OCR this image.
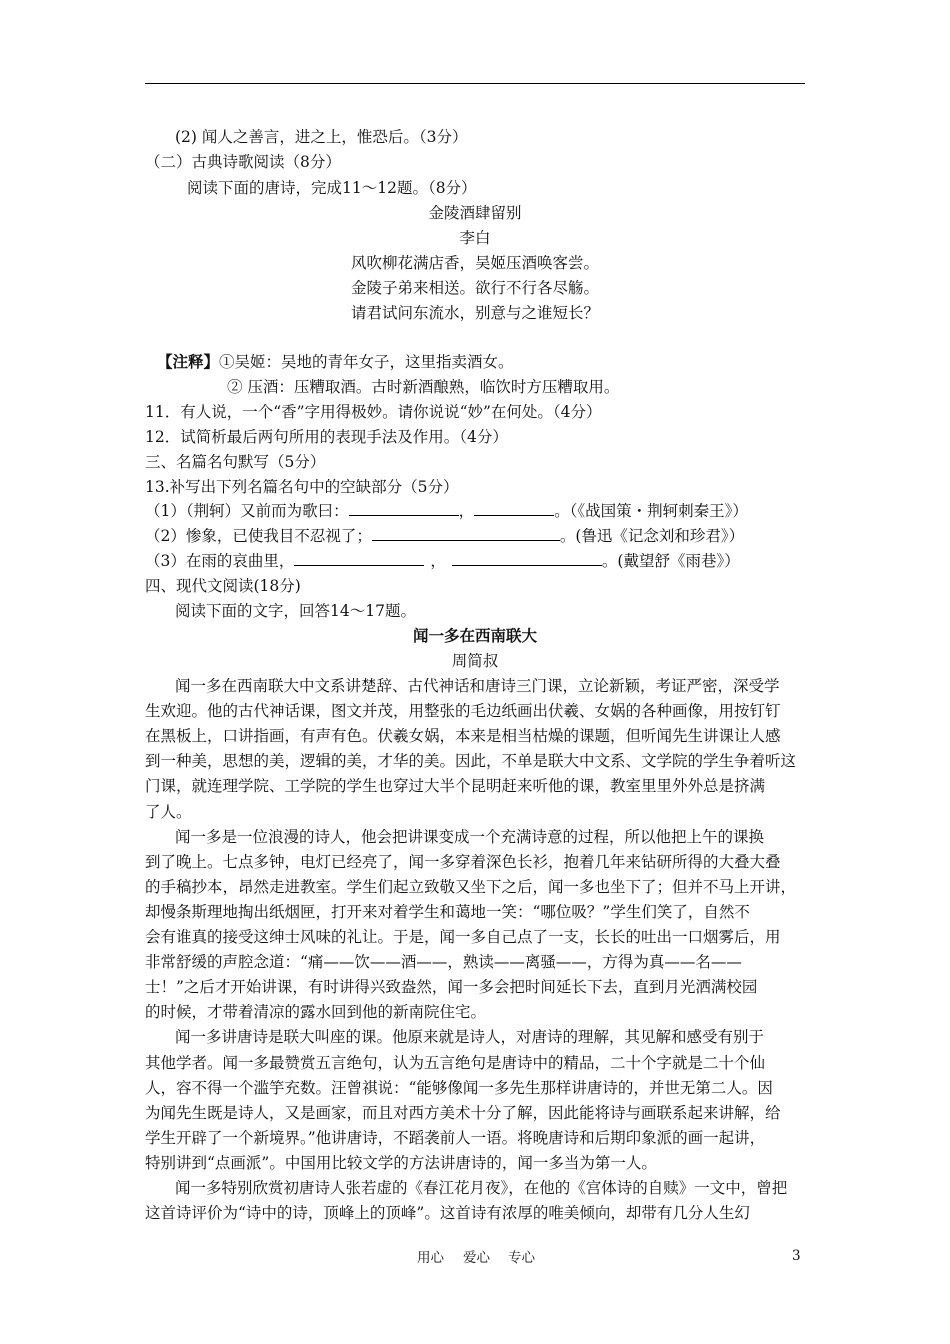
(2) 闻人之善言，进之上，惟恐后。（3分）
（二）古典诗歌阅读（8分）
阅读下面的唐诗，完成11～12题。（8分）
金陵酒肆留别
李白
风吹柳花满店香，吴姬压酒唤客尝。
金陵子弟来相送。欲行不行各尽觞。
请君试问东流水，别意与之谁短长？
【注释】①吴姬：吴地的青年女子，这里指卖酒女。
② 压酒：压糟取酒。古时新酒酿熟，临饮时方压糟取用。
11．有人说，一个“香”字用得极妙。请你说说“妙”在何处。（4分）
12．试简析最后两句所用的表现手法及作用。（4分）
三、名篇名句默写（5分）
13.补写出下列名篇名句中的空缺部分（5分）
（1）（荆轲）又前而为歌曰：	，	。（《战国策・荆轲刺秦王》）
（2）惨象，已使我目不忍视了；	。(鲁迅《记念刘和珍君》）
（3）在雨的哀曲里，	，	。(戴望舒《雨巷》）
四、现代文阅读(18分)
阅读下面的文字，回答14～17题。
闻一多在西南联大
周简叔
闻一多在西南联大中文系讲楚辞、古代神话和唐诗三门课，立论新颖，考证严密，深受学
生欢迎。他的古代神话课，图文并茂，用整张的毛边纸画出伏羲、女娲的各种画像，用按钉钉
在黑板上，口讲指画，有声有色。伏羲女娲，本来是相当枯燥的课题，但听闻先生讲课让人感
到一种美，思想的美，逻辑的美，才华的美。因此，不单是联大中文系、文学院的学生争着听这
门课，就连理学院、工学院的学生也穿过大半个昆明赶来听他的课，教室里里外外总是挤满
了人。
闻一多是一位浪漫的诗人，他会把讲课变成一个充满诗意的过程，所以他把上午的课换
到了晚上。七点多钟，电灯已经亮了，闻一多穿着深色长衫，抱着几年来钻研所得的大叠大叠
的手稿抄本，昂然走进教室。学生们起立致敬又坐下之后，闻一多也坐下了；但并不马上开讲，
却慢条斯理地掏出纸烟匣，打开来对着学生和蔼地一笑：“哪位吸？”学生们笑了，自然不
会有谁真的接受这绅士风味的礼让。于是，闻一多自己点了一支，长长的吐出一口烟雾后，用
非常舒缓的声腔念道：“痛——饮——酒——，熟读——离骚——，方得为真——名——
士！”之后才开始讲课，有时讲得兴致盎然，闻一多会把时间延长下去，直到月光洒满校园
的时候，才带着清凉的露水回到他的新南院住宅。
闻一多讲唐诗是联大叫座的课。他原来就是诗人，对唐诗的理解，其见解和感受有别于
其他学者。闻一多最赞赏五言绝句，认为五言绝句是唐诗中的精品，二十个字就是二十个仙
人，容不得一个滥竽充数。汪曾祺说：“能够像闻一多先生那样讲唐诗的，并世无第二人。因
为闻先生既是诗人，又是画家，而且对西方美术十分了解，因此能将诗与画联系起来讲解，给
学生开辟了一个新境界。”他讲唐诗，不蹈袭前人一语。将晚唐诗和后期印象派的画一起讲，
特别讲到“点画派”。中国用比较文学的方法讲唐诗的，闻一多当为第一人。
闻一多特别欣赏初唐诗人张若虚的《春江花月夜》，在他的《宫体诗的自赎》一文中，曾把
这首诗评价为“诗中的诗，顶峰上的顶峰”。这首诗有浓厚的唯美倾向，却带有几分人生幻
用心 爱心 专心	3
